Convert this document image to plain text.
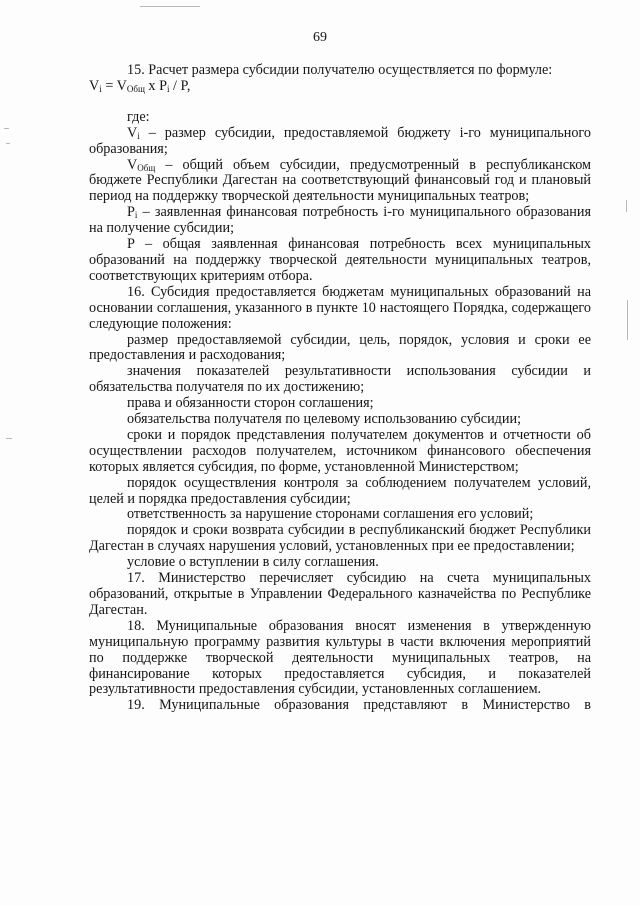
69

15. Расчет размера субсидии получателю осуществляется по формуле:

$V_i = V_{Общ}$ х $P_i$ / P,

где:

$V_i$ – размер субсидии, предоставляемой бюджету i-го муниципального образования;

$V_{Общ}$ – общий объем субсидии, предусмотренный в республиканском бюджете Республики Дагестан на соответствующий финансовый год и плановый период на поддержку творческой деятельности муниципальных театров;

$P_i$ – заявленная финансовая потребность i-го муниципального образования на получение субсидии;

P – общая заявленная финансовая потребность всех муниципальных образований на поддержку творческой деятельности муниципальных театров, соответствующих критериям отбора.

16. Субсидия предоставляется бюджетам муниципальных образований на основании соглашения, указанного в пункте 10 настоящего Порядка, содержащего следующие положения:

размер предоставляемой субсидии, цель, порядок, условия и сроки ее предоставления и расходования;

значения показателей результативности использования субсидии и обязательства получателя по их достижению;

права и обязанности сторон соглашения;

обязательства получателя по целевому использованию субсидии;

сроки и порядок представления получателем документов и отчетности об осуществлении расходов получателем, источником финансового обеспечения которых является субсидия, по форме, установленной Министерством;

порядок осуществления контроля за соблюдением получателем условий, целей и порядка предоставления субсидии;

ответственность за нарушение сторонами соглашения его условий;

порядок и сроки возврата субсидии в республиканский бюджет Республики Дагестан в случаях нарушения условий, установленных при ее предоставлении;

условие о вступлении в силу соглашения.

17. Министерство перечисляет субсидию на счета муниципальных образований, открытые в Управлении Федерального казначейства по Республике Дагестан.

18. Муниципальные образования вносят изменения в утвержденную муниципальную программу развития культуры в части включения мероприятий по поддержке творческой деятельности муниципальных театров, на финансирование которых предоставляется субсидия, и показателей результативности предоставления субсидии, установленных соглашением.

19. Муниципальные образования представляют в Министерство в
